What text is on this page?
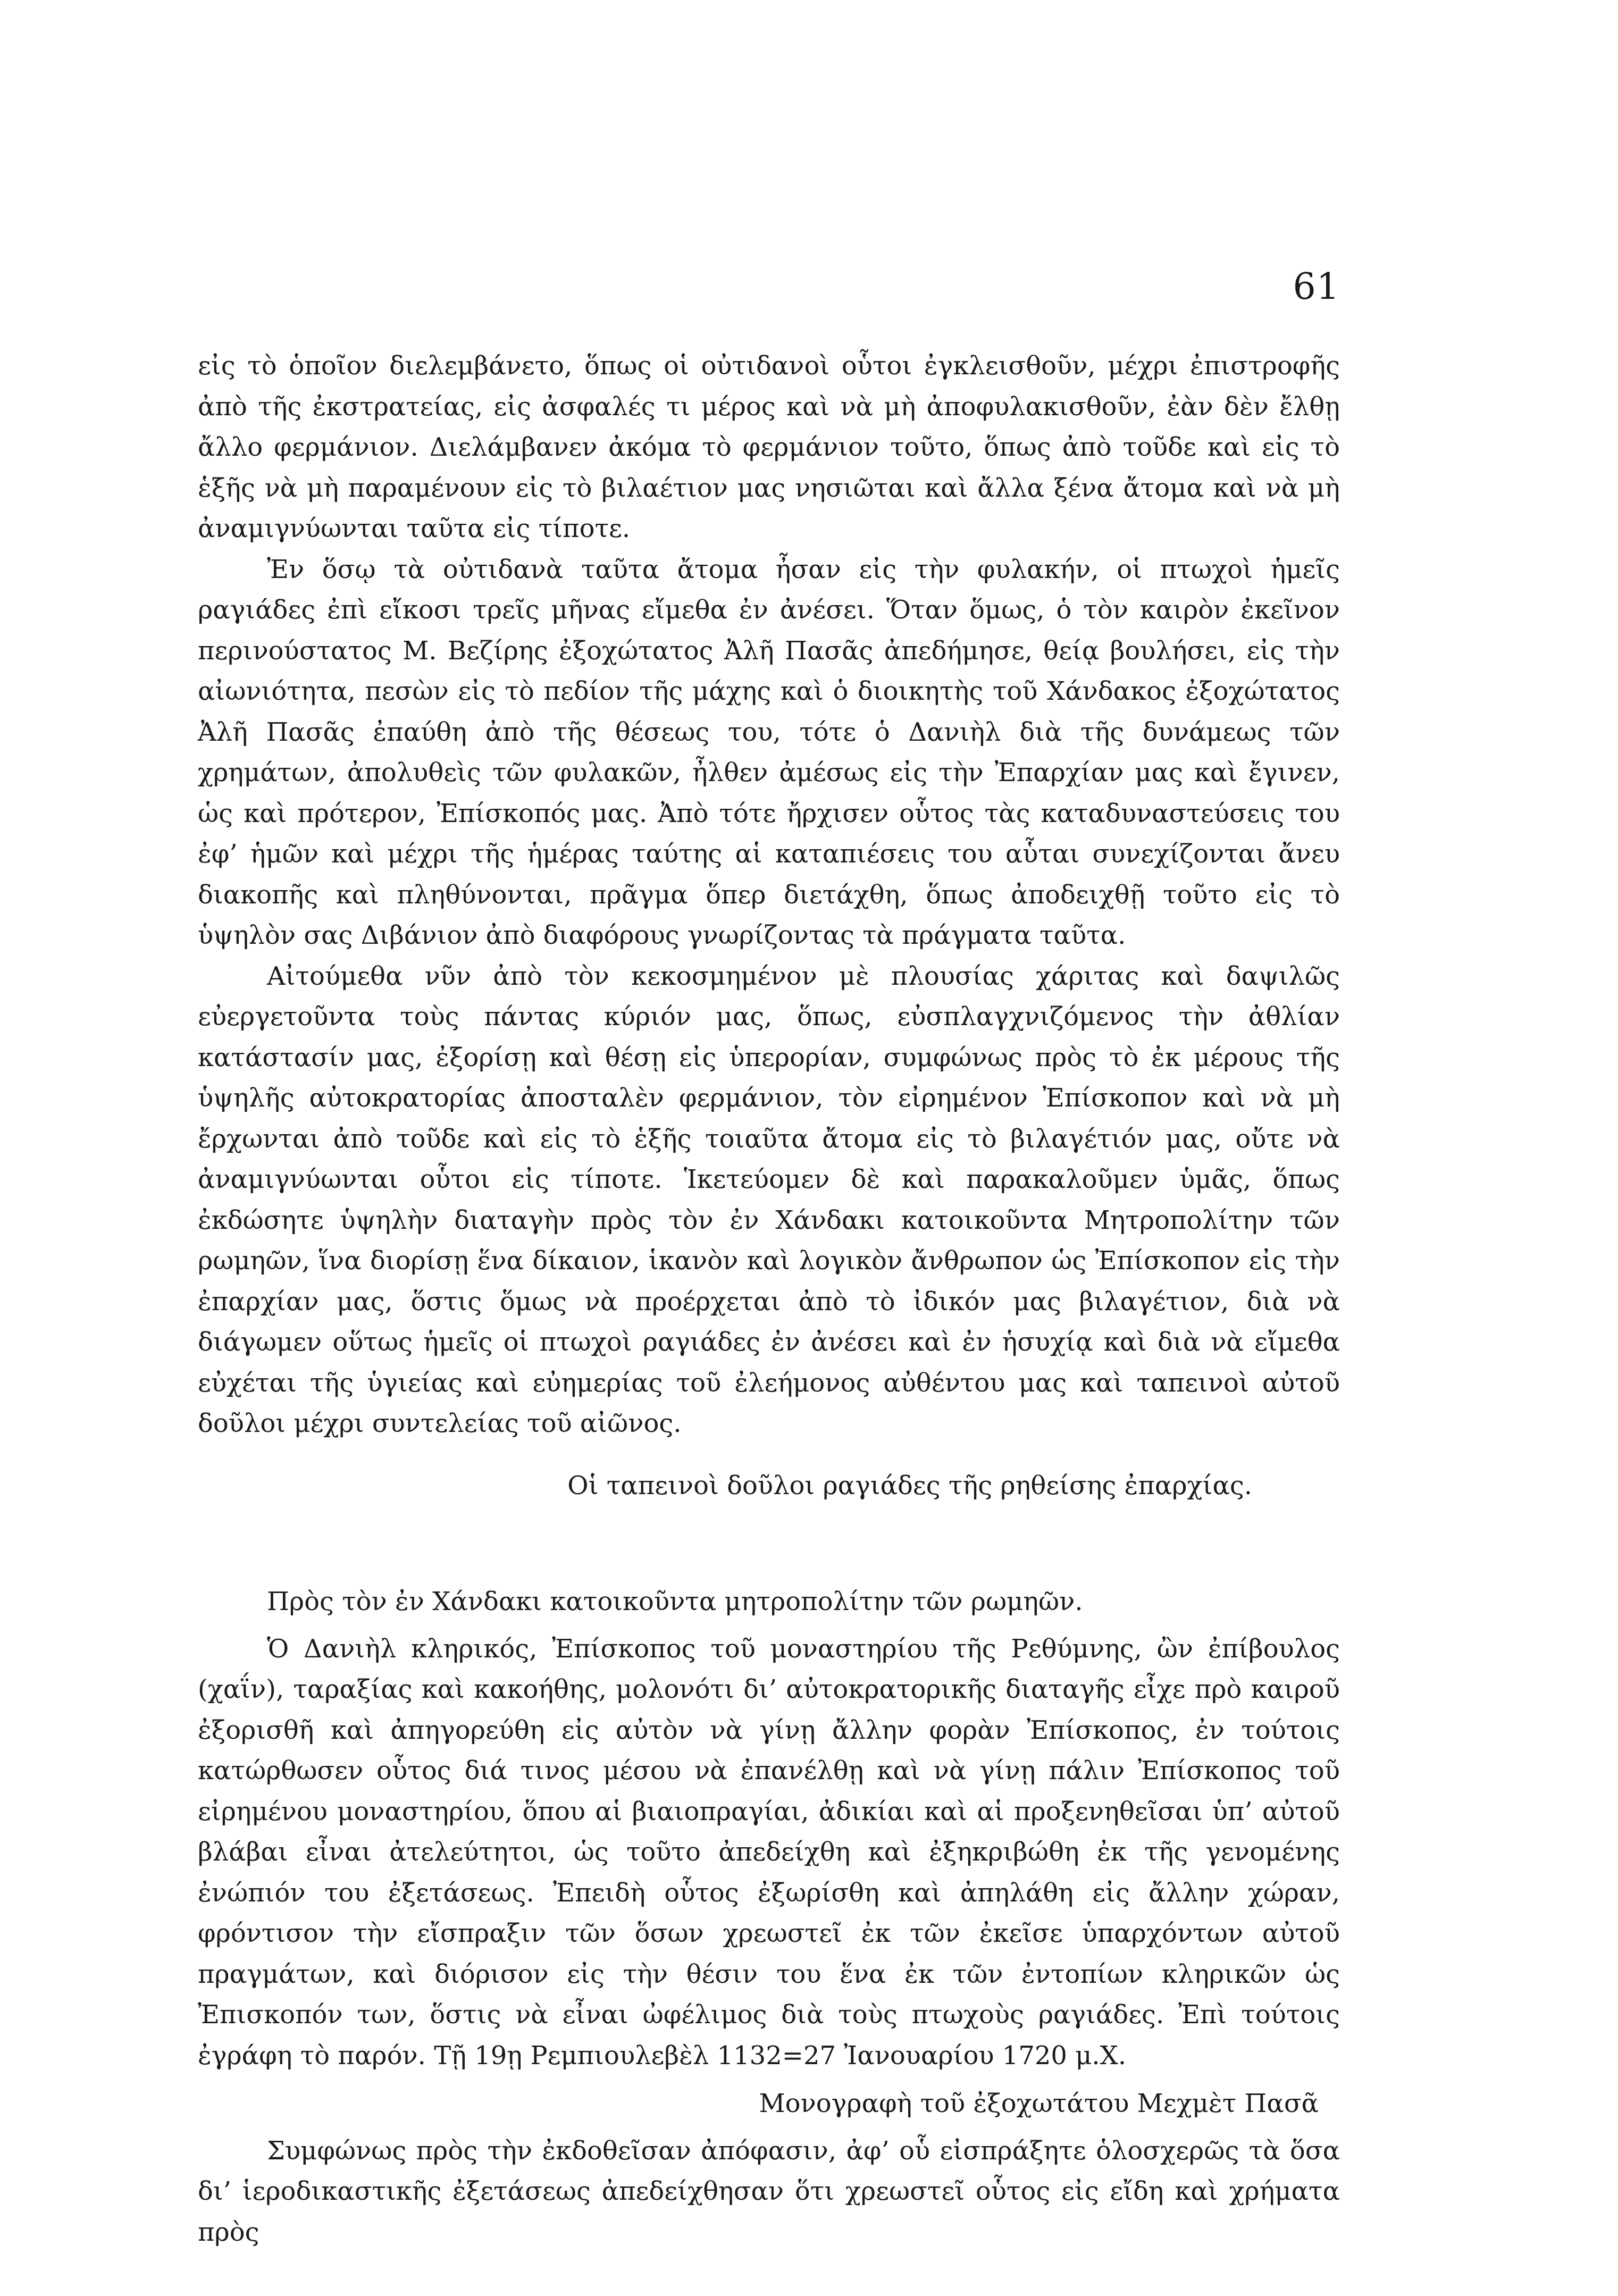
61

εἰς τὸ ὁποῖον διελεμβάνετο, ὅπως οἱ οὐτιδανοὶ οὗτοι ἐγκλεισθοῦν, μέχρι ἐπιστροφῆς ἀπὸ τῆς ἐκστρατείας, εἰς ἀσφαλές τι μέρος καὶ νὰ μὴ ἀποφυλακισθοῦν, ἐὰν δὲν ἔλθῃ ἄλλο φερμάνιον. Διελάμβανεν ἀκόμα τὸ φερμάνιον τοῦτο, ὅπως ἀπὸ τοῦδε καὶ εἰς τὸ ἑξῆς νὰ μὴ παραμένουν εἰς τὸ βιλαέτιον μας νησιῶται καὶ ἄλλα ξένα ἄτομα καὶ νὰ μὴ ἀναμιγνύωνται ταῦτα εἰς τίποτε.

Ἐν ὅσῳ τὰ οὐτιδανὰ ταῦτα ἄτομα ἦσαν εἰς τὴν φυλακήν, οἱ πτωχοὶ ἡμεῖς ραγιάδες ἐπὶ εἴκοσι τρεῖς μῆνας εἴμεθα ἐν ἀνέσει. Ὅταν ὅμως, ὁ τὸν καιρὸν ἐκεῖνον περινούστατος Μ. Βεζίρης ἐξοχώτατος Ἀλῆ Πασᾶς ἀπεδήμησε, θείᾳ βουλήσει, εἰς τὴν αἰωνιότητα, πεσὼν εἰς τὸ πεδίον τῆς μάχης καὶ ὁ διοικητὴς τοῦ Χάνδακος ἐξοχώτατος Ἀλῆ Πασᾶς ἐπαύθη ἀπὸ τῆς θέσεως του, τότε ὁ Δανιὴλ διὰ τῆς δυνάμεως τῶν χρημάτων, ἀπολυθεὶς τῶν φυλακῶν, ἦλθεν ἀμέσως εἰς τὴν Ἐπαρχίαν μας καὶ ἔγινεν, ὡς καὶ πρότερον, Ἐπίσκοπός μας. Ἀπὸ τότε ἤρχισεν οὗτος τὰς καταδυναστεύσεις του ἐφ’ ἡμῶν καὶ μέχρι τῆς ἡμέρας ταύτης αἱ καταπιέσεις του αὗται συνεχίζονται ἄνευ διακοπῆς καὶ πληθύνονται, πρᾶγμα ὅπερ διετάχθη, ὅπως ἀποδειχθῇ τοῦτο εἰς τὸ ὑψηλὸν σας Διβάνιον ἀπὸ διαφόρους γνωρίζοντας τὰ πράγματα ταῦτα.

Αἰτούμεθα νῦν ἀπὸ τὸν κεκοσμημένον μὲ πλουσίας χάριτας καὶ δαψιλῶς εὐεργετοῦντα τοὺς πάντας κύριόν μας, ὅπως, εὐσπλαγχνιζόμενος τὴν ἀθλίαν κατάστασίν μας, ἐξορίσῃ καὶ θέσῃ εἰς ὑπερορίαν, συμφώνως πρὸς τὸ ἐκ μέρους τῆς ὑψηλῆς αὐτοκρατορίας ἀποσταλὲν φερμάνιον, τὸν εἰρημένον Ἐπίσκοπον καὶ νὰ μὴ ἔρχωνται ἀπὸ τοῦδε καὶ εἰς τὸ ἑξῆς τοιαῦτα ἄτομα εἰς τὸ βιλαγέτιόν μας, οὔτε νὰ ἀναμιγνύωνται οὗτοι εἰς τίποτε. Ἱκετεύομεν δὲ καὶ παρακαλοῦμεν ὑμᾶς, ὅπως ἐκδώσητε ὑψηλὴν διαταγὴν πρὸς τὸν ἐν Χάνδακι κατοικοῦντα Μητροπολίτην τῶν ρωμηῶν, ἵνα διορίσῃ ἕνα δίκαιον, ἱκανὸν καὶ λογικὸν ἄνθρωπον ὡς Ἐπίσκοπον εἰς τὴν ἐπαρχίαν μας, ὅστις ὅμως νὰ προέρχεται ἀπὸ τὸ ἰδικόν μας βιλαγέτιον, διὰ νὰ διάγωμεν οὕτως ἡμεῖς οἱ πτωχοὶ ραγιάδες ἐν ἀνέσει καὶ ἐν ἡσυχίᾳ καὶ διὰ νὰ εἴμεθα εὐχέται τῆς ὑγιείας καὶ εὐημερίας τοῦ ἐλεήμονος αὐθέντου μας καὶ ταπεινοὶ αὐτοῦ δοῦλοι μέχρι συντελείας τοῦ αἰῶνος.

Οἱ ταπεινοὶ δοῦλοι ραγιάδες τῆς ρηθείσης ἐπαρχίας.

Πρὸς τὸν ἐν Χάνδακι κατοικοῦντα μητροπολίτην τῶν ρωμηῶν.

Ὁ Δανιὴλ κληρικός, Ἐπίσκοπος τοῦ μοναστηρίου τῆς Ρεθύμνης, ὢν ἐπίβουλος (χαΐν), ταραξίας καὶ κακοήθης, μολονότι δι’ αὐτοκρατορικῆς διαταγῆς εἶχε πρὸ καιροῦ ἐξορισθῆ καὶ ἀπηγορεύθη εἰς αὐτὸν νὰ γίνῃ ἄλλην φορὰν Ἐπίσκοπος, ἐν τούτοις κατώρθωσεν οὗτος διά τινος μέσου νὰ ἐπανέλθῃ καὶ νὰ γίνῃ πάλιν Ἐπίσκοπος τοῦ εἰρημένου μοναστηρίου, ὅπου αἱ βιαιοπραγίαι, ἀδικίαι καὶ αἱ προξενηθεῖσαι ὑπ’ αὐτοῦ βλάβαι εἶναι ἀτελεύτητοι, ὡς τοῦτο ἀπεδείχθη καὶ ἐξηκριβώθη ἐκ τῆς γενομένης ἐνώπιόν του ἐξετάσεως. Ἐπειδὴ οὗτος ἐξωρίσθη καὶ ἀπηλάθη εἰς ἄλλην χώραν, φρόντισον τὴν εἴσπραξιν τῶν ὅσων χρεωστεῖ ἐκ τῶν ἐκεῖσε ὑπαρχόντων αὐτοῦ πραγμάτων, καὶ διόρισον εἰς τὴν θέσιν του ἕνα ἐκ τῶν ἐντοπίων κληρικῶν ὡς Ἐπισκοπόν των, ὅστις νὰ εἶναι ὠφέλιμος διὰ τοὺς πτωχοὺς ραγιάδες. Ἐπὶ τούτοις ἐγράφη τὸ παρόν. Τῇ 19ῃ Ρεμπιουλεβὲλ 1132=27 Ἰανουαρίου 1720 μ.Χ.

Μονογραφὴ τοῦ ἐξοχωτάτου Μεχμὲτ Πασᾶ

Συμφώνως πρὸς τὴν ἐκδοθεῖσαν ἀπόφασιν, ἀφ’ οὗ εἰσπράξητε ὁλοσχερῶς τὰ ὅσα δι’ ἱεροδικαστικῆς ἐξετάσεως ἀπεδείχθησαν ὅτι χρεωστεῖ οὗτος εἰς εἴδη καὶ χρήματα πρὸς
